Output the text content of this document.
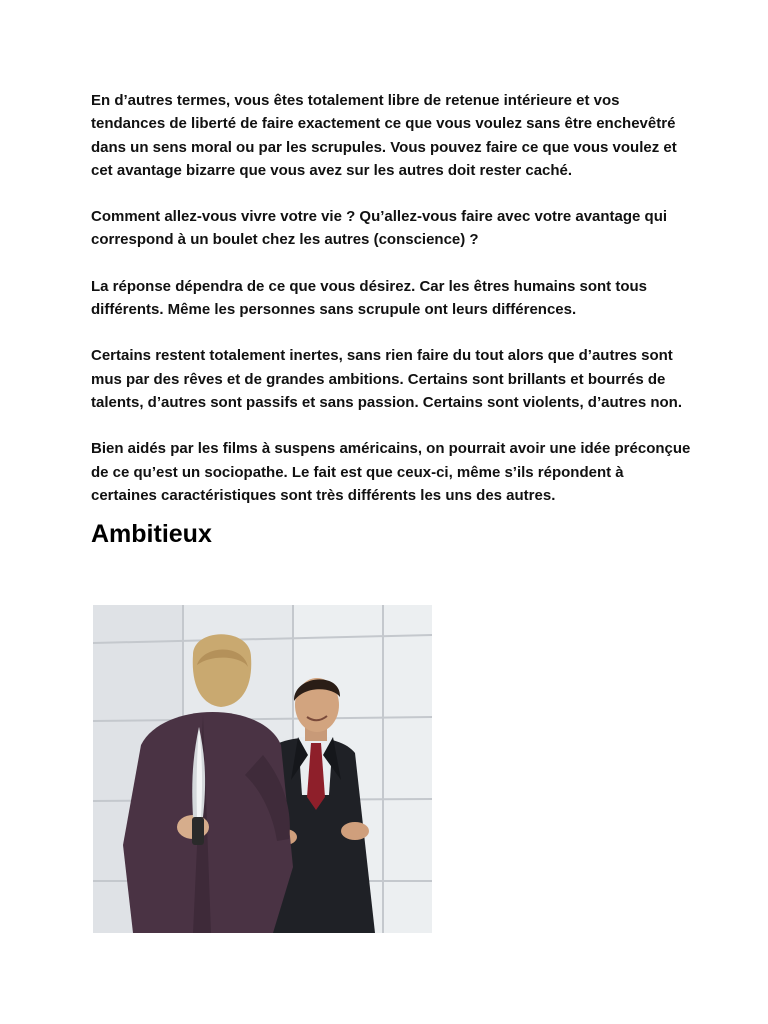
En d’autres termes, vous êtes totalement libre de retenue intérieure et vos tendances de liberté de faire exactement ce que vous voulez sans être enchevêtré dans un sens moral ou par les scrupules. Vous pouvez faire ce que vous voulez et cet avantage bizarre que vous avez sur les autres doit rester caché.

Comment allez-vous vivre votre vie ? Qu’allez-vous faire avec votre avantage qui correspond à un boulet chez les autres (conscience) ?

La réponse dépendra de ce que vous désirez. Car les êtres humains sont tous différents. Même les personnes sans scrupule ont leurs différences.

Certains restent totalement inertes, sans rien faire du tout alors que d’autres sont mus par des rêves et de grandes ambitions. Certains sont brillants et bourrés de talents, d’autres sont passifs et sans passion. Certains sont violents, d’autres non.

Bien aidés par les films à suspens américains, on pourrait avoir une idée préconçue de ce qu’est un sociopathe. Le fait est que ceux-ci, même s’ils répondent à certaines caractéristiques sont très différents les uns des autres.

Ambitieux
